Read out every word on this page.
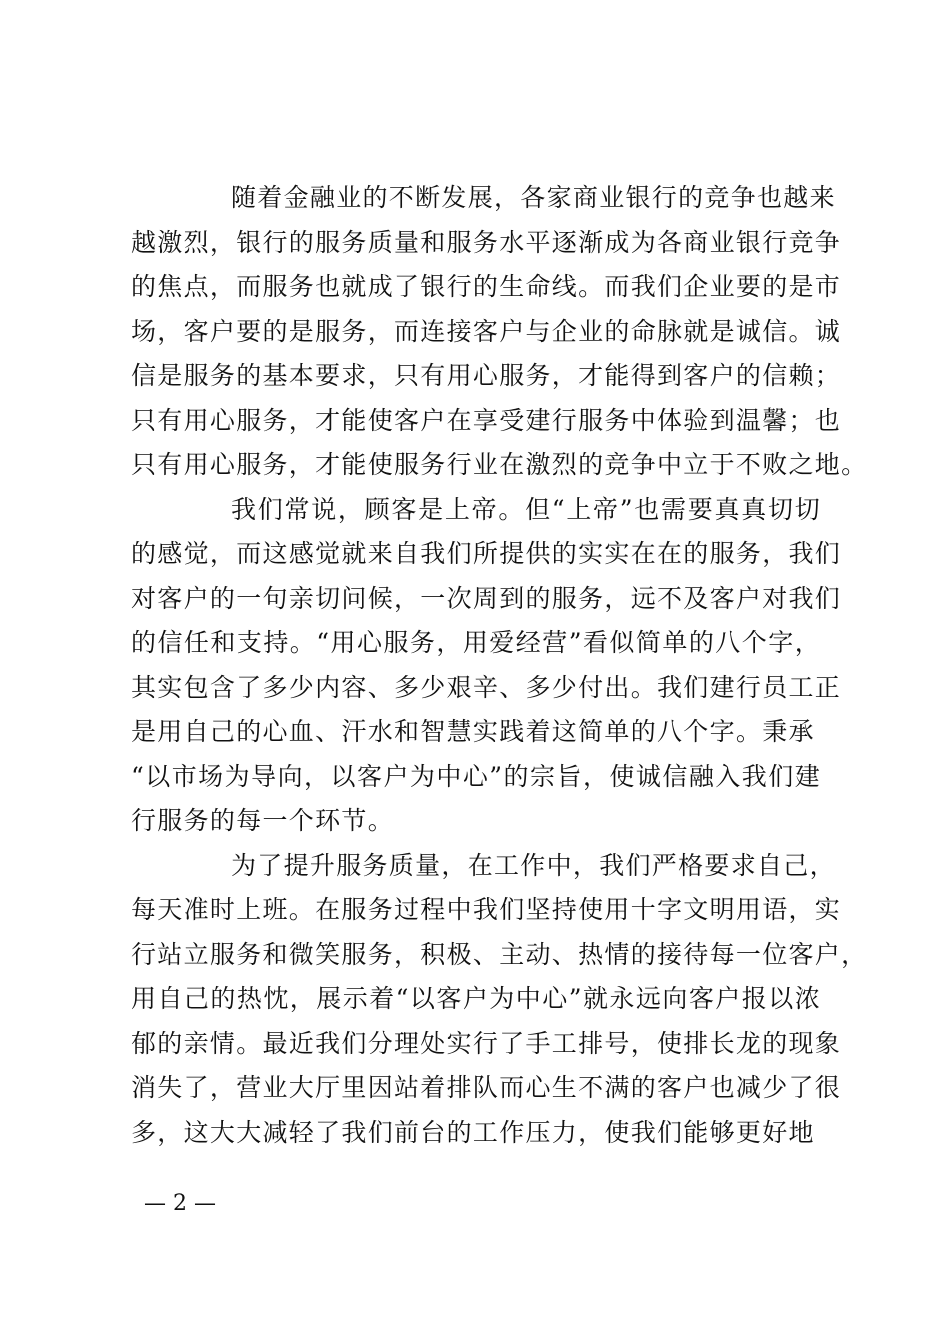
随着金融业的不断发展，各家商业银行的竞争也越来
越激烈，银行的服务质量和服务水平逐渐成为各商业银行竞争
的焦点，而服务也就成了银行的生命线。而我们企业要的是市
场，客户要的是服务，而连接客户与企业的命脉就是诚信。诚
信是服务的基本要求，只有用心服务，才能得到客户的信赖；
只有用心服务，才能使客户在享受建行服务中体验到温馨；也
只有用心服务，才能使服务行业在激烈的竞争中立于不败之地。
我们常说，顾客是上帝。但“上帝”也需要真真切切
的感觉，而这感觉就来自我们所提供的实实在在的服务，我们
对客户的一句亲切问候，一次周到的服务，远不及客户对我们
的信任和支持。“用心服务，用爱经营”看似简单的八个字，
其实包含了多少内容、多少艰辛、多少付出。我们建行员工正
是用自己的心血、汗水和智慧实践着这简单的八个字。秉承
“以市场为导向，以客户为中心”的宗旨，使诚信融入我们建
行服务的每一个环节。
为了提升服务质量，在工作中，我们严格要求自己，
每天准时上班。在服务过程中我们坚持使用十字文明用语，实
行站立服务和微笑服务，积极、主动、热情的接待每一位客户，
用自己的热忱，展示着“以客户为中心”就永远向客户报以浓
郁的亲情。最近我们分理处实行了手工排号，使排长龙的现象
消失了，营业大厅里因站着排队而心生不满的客户也减少了很
多，这大大减轻了我们前台的工作压力，使我们能够更好地
— 2 —
